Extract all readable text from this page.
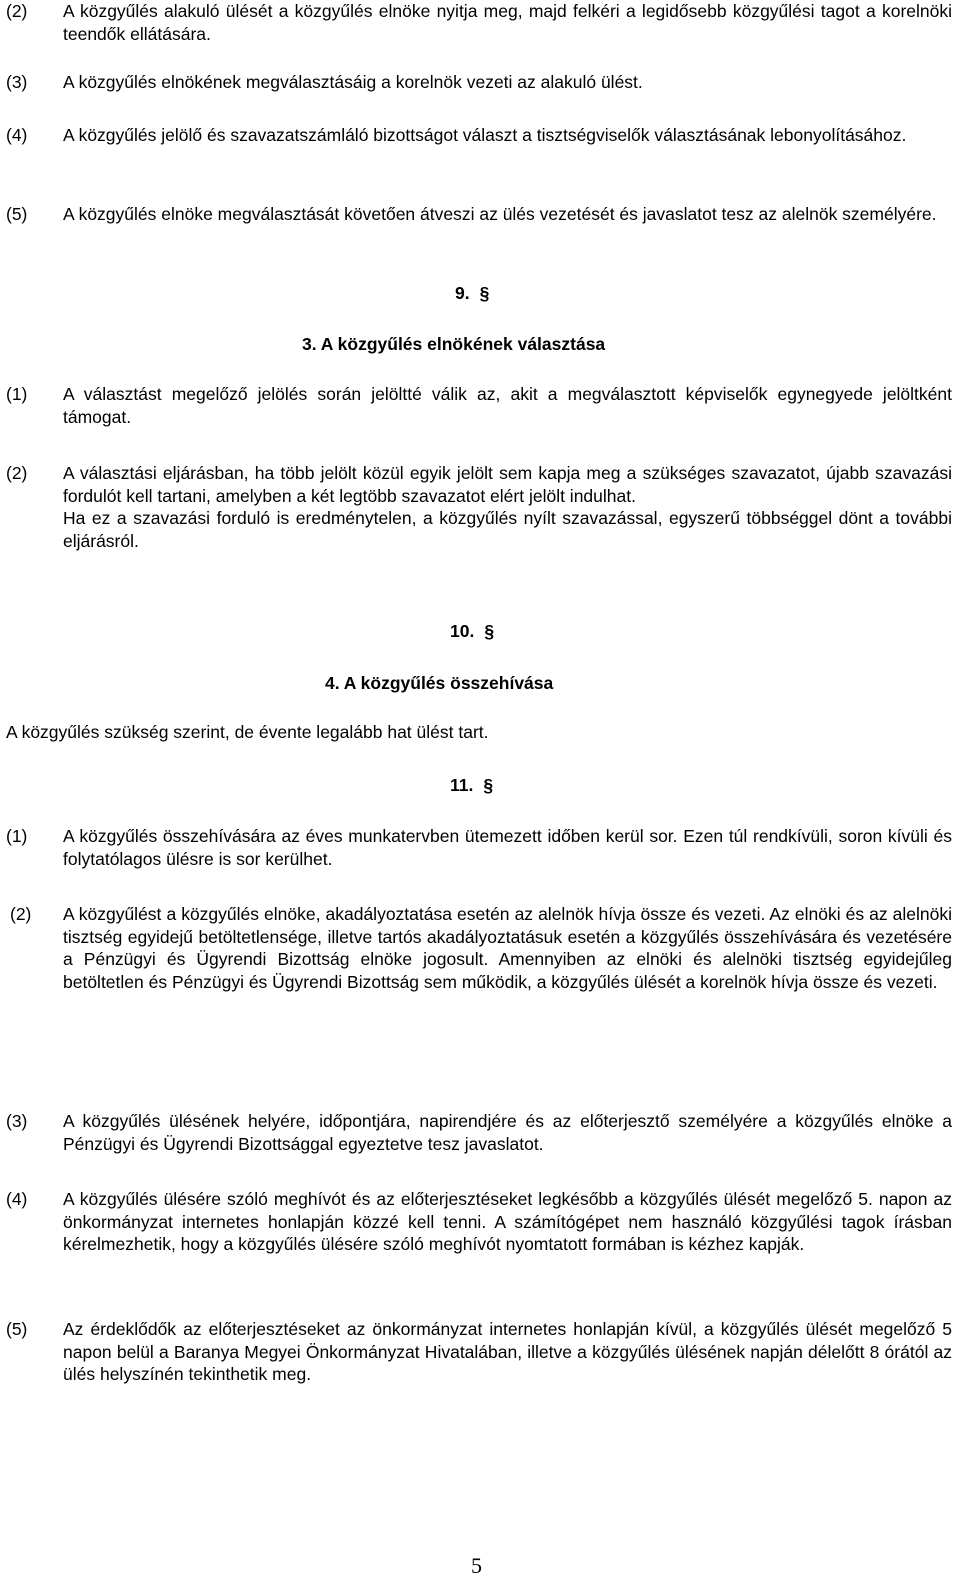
(2)	A közgyűlés alakuló ülését a közgyűlés elnöke nyitja meg, majd felkéri a legidősebb közgyűlési tagot a korelnöki teendők ellátására.
(3)	A közgyűlés elnökének megválasztásáig a korelnök vezeti az alakuló ülést.
(4)	A közgyűlés jelölő és szavazatszámláló bizottságot választ a tisztségviselők választásának lebonyolításához.
(5)	A közgyűlés elnöke megválasztását követően átveszi az ülés vezetését és javaslatot tesz az alelnök személyére.
9. §
3. A közgyűlés elnökének választása
(1)	A választást megelőző jelölés során jelöltté válik az, akit a megválasztott képviselők egynegyede jelöltként támogat.
(2)	A választási eljárásban, ha több jelölt közül egyik jelölt sem kapja meg a szükséges szavazatot, újabb szavazási fordulót kell tartani, amelyben a két legtöbb szavazatot elért jelölt indulhat.

Ha ez a szavazási forduló is eredménytelen, a közgyűlés nyílt szavazással, egyszerű többséggel dönt a további eljárásról.

10. §
4. A közgyűlés összehívása
A közgyűlés szükség szerint, de évente legalább hat ülést tart.
11. §
(1)	A közgyűlés összehívására az éves munkatervben ütemezett időben kerül sor. Ezen túl rendkívüli, soron kívüli és folytatólagos ülésre is sor kerülhet.
(2)	A közgyűlést a közgyűlés elnöke, akadályoztatása esetén az alelnök hívja össze és vezeti. Az elnöki és az alelnöki tisztség egyidejű betöltetlensége, illetve tartós akadályoztatásuk esetén a közgyűlés összehívására és vezetésére a Pénzügyi és Ügyrendi Bizottság elnöke jogosult. Amennyiben az elnöki és alelnöki tisztség egyidejűleg betöltetlen és Pénzügyi és Ügyrendi Bizottság sem működik, a közgyűlés ülését a korelnök hívja össze és vezeti.
(3)	A közgyűlés ülésének helyére, időpontjára, napirendjére és az előterjesztő személyére a közgyűlés elnöke a Pénzügyi és Ügyrendi Bizottsággal egyeztetve tesz javaslatot.
(4)	A közgyűlés ülésére szóló meghívót és az előterjesztéseket legkésőbb a közgyűlés ülését megelőző 5. napon az önkormányzat internetes honlapján közzé kell tenni. A számítógépet nem használó közgyűlési tagok írásban kérelmezhetik, hogy a közgyűlés ülésére szóló meghívót nyomtatott formában is kézhez kapják.
(5)	Az érdeklődők az előterjesztéseket az önkormányzat internetes honlapján kívül, a közgyűlés ülését megelőző 5 napon belül a Baranya Megyei Önkormányzat Hivatalában, illetve a közgyűlés ülésének napján délelőtt 8 órától az ülés helyszínén tekinthetik meg.
5
